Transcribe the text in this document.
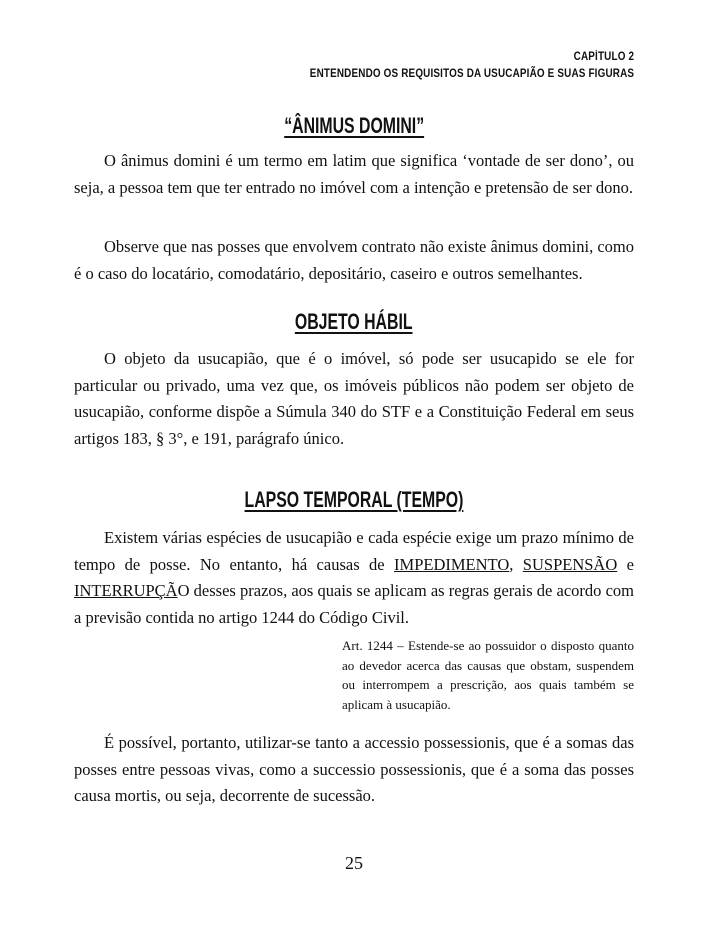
CAPÍTULO 2
ENTENDENDO OS REQUISITOS DA USUCAPIÃO E SUAS FIGURAS
“ÂNIMUS DOMINI”

O ânimus domini é um termo em latim que significa ‘vontade de ser dono’, ou seja, a pessoa tem que ter entrado no imóvel com a intenção e pretensão de ser dono.

Observe que nas posses que envolvem contrato não existe ânimus domini, como é o caso do locatário, comodatário, depositário, caseiro e outros semelhantes.

OBJETO HÁBIL

O objeto da usucapião, que é o imóvel, só pode ser usucapido se ele for particular ou privado, uma vez que, os imóveis públicos não podem ser objeto de usucapião, conforme dispõe a Súmula 340 do STF e a Constituição Federal em seus artigos 183, § 3°, e 191, parágrafo único.

LAPSO TEMPORAL (TEMPO)

Existem várias espécies de usucapião e cada espécie exige um prazo mínimo de tempo de posse. No entanto, há causas de IMPEDIMENTO, SUSPENSÃO e INTERRUPÇÃO desses prazos, aos quais se aplicam as regras gerais de acordo com a previsão contida no artigo 1244 do Código Civil.

Art. 1244 – Estende-se ao possuidor o disposto quanto ao devedor acerca das causas que obstam, suspendem ou interrompem a prescrição, aos quais também se aplicam à usucapião.

É possível, portanto, utilizar-se tanto a accessio possessionis, que é a somas das posses entre pessoas vivas, como a successio possessionis, que é a soma das posses causa mortis, ou seja, decorrente de sucessão.

25
